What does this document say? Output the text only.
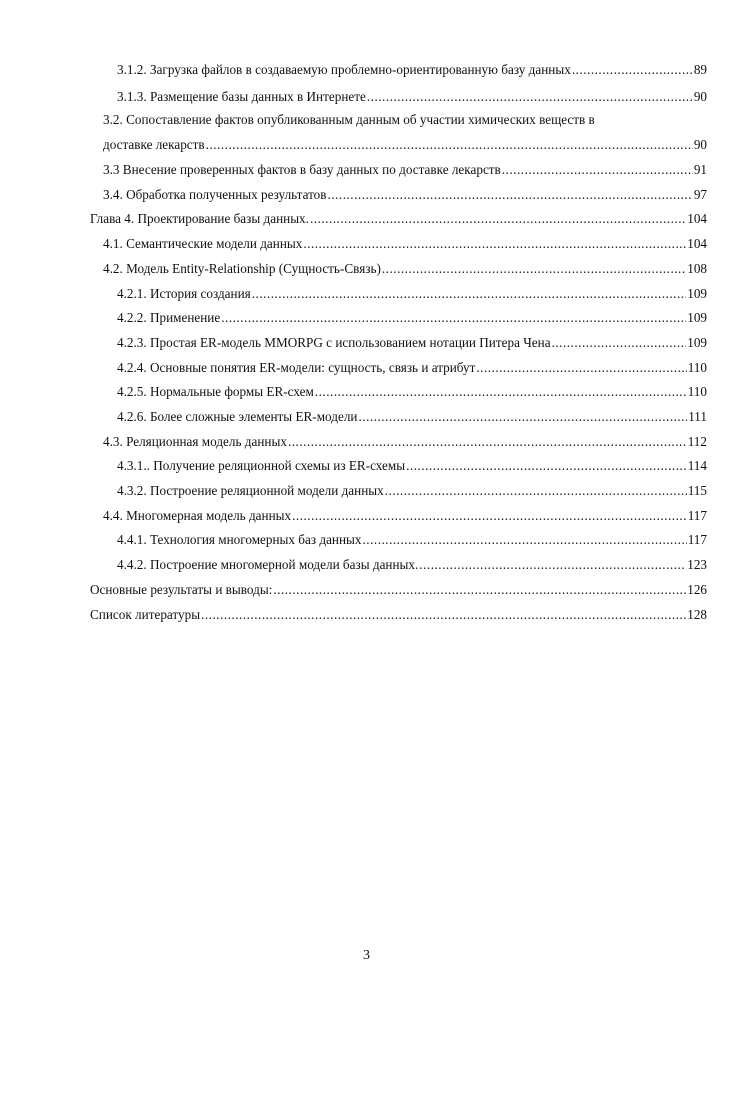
3.1.2. Загрузка файлов в создаваемую проблемно-ориентированную базу данных .....	89
3.1.3. Размещение базы данных в Интернете .....	90
3.2. Сопоставление фактов опубликованным данным об участии химических веществ в
доставке лекарств .....	90
3.3 Внесение проверенных фактов в базу данных по доставке лекарств .....	91
3.4. Обработка полученных результатов .....	97
Глава 4. Проектирование базы данных. .....	104
4.1. Семантические модели данных .....	104
4.2. Модель Entity-Relationship (Сущность-Связь) .....	108
4.2.1. История создания .....	109
4.2.2. Применение .....	109
4.2.3. Простая ER-модель MMORPG с использованием нотации Питера Чена .....	109
4.2.4. Основные понятия ER-модели: сущность, связь и атрибут .....	110
4.2.5. Нормальные формы ER-схем .....	110
4.2.6. Более сложные элементы ER-модели .....	111
4.3. Реляционная модель данных .....	112
4.3.1.. Получение реляционной схемы из ER-схемы .....	114
4.3.2. Построение реляционной модели данных .....	115
4.4. Многомерная модель данных .....	117
4.4.1. Технология многомерных баз данных .....	117
4.4.2. Построение многомерной модели базы данных. .....	123
Основные результаты и выводы: .....	126
Список литературы .....	128
3
